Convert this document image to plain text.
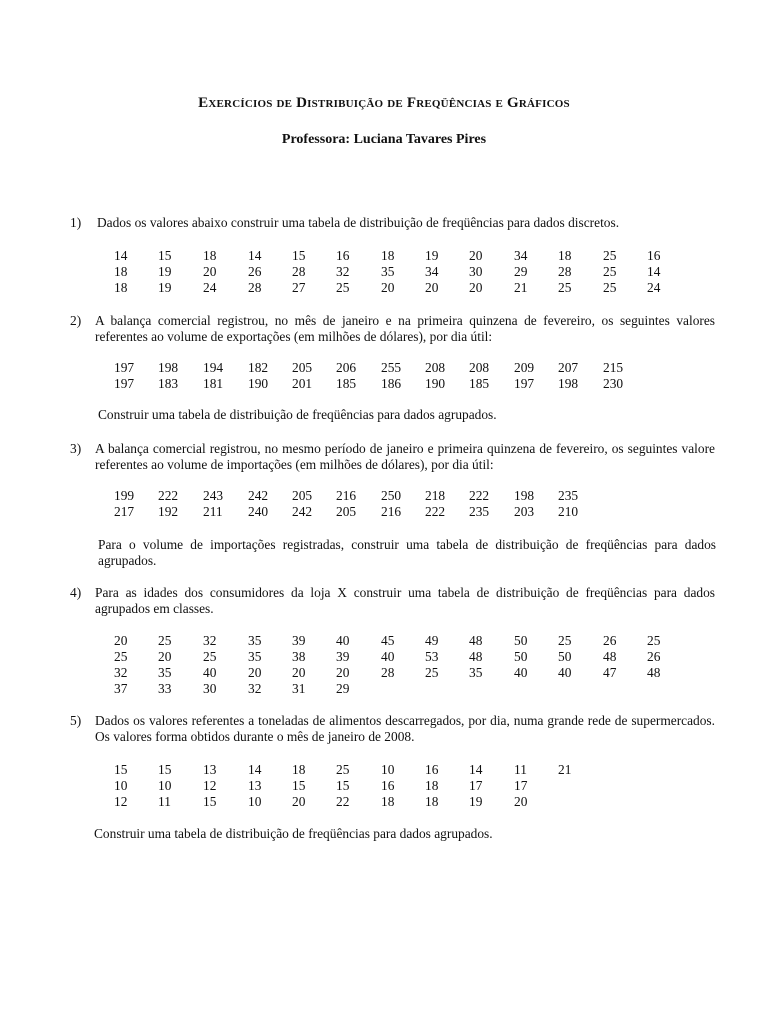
Exercícios de Distribuição de Freqüências e Gráficos
Professora: Luciana Tavares Pires
1) Dados os valores abaixo construir uma tabela de distribuição de freqüências para dados discretos.
14 15 18 14 15 16 18 19 20 34 18 25 16
18 19 20 26 28 32 35 34 30 29 28 25 14
18 19 24 28 27 25 20 20 20 21 25 25 24
2) A balança comercial registrou, no mês de janeiro e na primeira quinzena de fevereiro, os seguintes valores referentes ao volume de exportações (em milhões de dólares), por dia útil:
197 198 194 182 205 206 255 208 208 209 207 215
197 183 181 190 201 185 186 190 185 197 198 230
Construir uma tabela de distribuição de freqüências para dados agrupados.
3) A balança comercial registrou, no mesmo período de janeiro e primeira quinzena de fevereiro, os seguintes valore referentes ao volume de importações (em milhões de dólares), por dia útil:
199 222 243 242 205 216 250 218 222 198 235
217 192 211 240 242 205 216 222 235 203 210
Para o volume de importações registradas, construir uma tabela de distribuição de freqüências para dados agrupados.
4) Para as idades dos consumidores da loja X construir uma tabela de distribuição de freqüências para dados agrupados em classes.
20 25 32 35 39 40 45 49 48 50 25 26 25
25 20 25 35 38 39 40 53 48 50 50 48 26
32 35 40 20 20 20 28 25 35 40 40 47 48
37 33 30 32 31 29
5) Dados os valores referentes a toneladas de alimentos descarregados, por dia, numa grande rede de supermercados. Os valores forma obtidos durante o mês de janeiro de 2008.
15 15 13 14 18 25 10 16 14 11 21
10 10 12 13 15 15 16 18 17 17
12 11 15 10 20 22 18 18 19 20
Construir uma tabela de distribuição de freqüências para dados agrupados.
